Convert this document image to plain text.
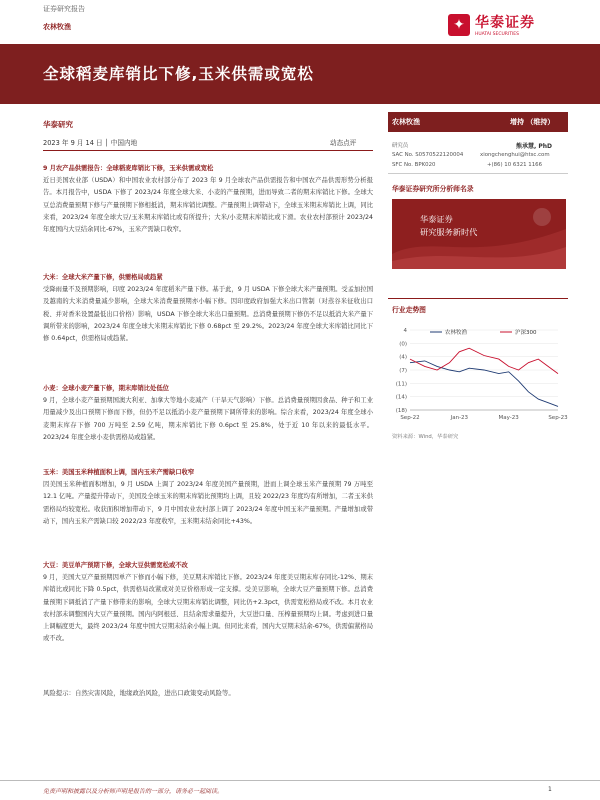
证券研究报告
农林牧渔	✦ 华泰证券
HUATAI SECURITIES
全球稻麦库销比下修,玉米供需或宽松
华泰研究
2023 年 9 月 14 日 │ 中国内地	动态点评
9 月农产品供需报告：全球稻麦库销比下修，玉米供需或宽松
近日美国农业部（USDA）和中国农业农村部分布了 2023 年 9 月全球农产品供需报告和中国农产品供需形势分析报告。本月报告中，USDA 下修了 2023/24 年度全球大米、小麦的产量预期，进而导致二者的期末库销比下修。全球大豆总消费量预期下修与产量预期下修相抵消，期末库销比调整。产量预期上调带动下，全球玉米期末库销比上调，同比来看，2023/24 年度全球大豆/玉米期末库销比或有所提升；大米/小麦期末库销比或下滑。农业农村部预计 2023/24 年度国内大豆结余同比-67%，玉米产需缺口收窄。
大米：全球大米产量下修，供需格局或趋紧
受降雨量不及预期影响，印度 2023/24 年度稻米产量下修。基于此，9 月 USDA 下修全球大米产量预期。受孟加拉国及越南的大米消费量减少影响，全球大米消费量预期亦小幅下修。因印度政府加强大米出口管制（对蒸谷米征收出口税、并对香米设置最低出口价格）影响，USDA 下修全球大米出口量预期。总消费量预期下修仍不足以抵消大米产量下调所带来的影响，2023/24 年度全球大米期末库销比下修 0.68pct 至 29.2%。2023/24 年度全球大米库销比同比下修 0.64pct，供需格局或趋紧。
小麦：全球小麦产量下修，期末库销比处低位
9 月，全球小麦产量预期国澳大利亚、加拿大等地小麦减产（干旱天气影响）下修。总消费量预期因食品、种子和工业用量减少及出口预期下修而下修，但仍不足以抵消小麦产量预期下调所带来的影响。综合来看，2023/24 年度全球小麦期末库存下修 700 万吨至 2.59 亿吨，期末库销比下修 0.6pct 至 25.8%，处于近 10 年以来的最低水平。2023/24 年度全球小麦供需格局或趋紧。
玉米：美国玉米种植面积上调，国内玉米产需缺口收窄
因美国玉米种植面积增加，9 月 USDA 上调了 2023/24 年度美国产量预期，进而上调全球玉米产量预期 79 万吨至 12.1 亿吨。产量提升带动下，美国及全球玉米的期末库销比预期均上调，且较 2022/23 年度均有所增加，二者玉米供需格局均较宽松。收获面积增加带动下，9 月中国农业农村部上调了 2023/24 年度中国玉米产量预期。产量增加或带动下，国内玉米产需缺口较 2022/23 年度收窄，玉米期末结余同比+43%。
大豆：美豆单产预期下修，全球大豆供需宽松或不改
9 月，美国大豆产量预期因单产下修而小幅下修，美豆期末库销比下修。2023/24 年度美豆期末库存同比-12%、期末库销比或同比下降 0.5pct，供需格局改紧或对美豆价格形成一定支撑。受美豆影响，全球大豆产量预期下修。总消费量预期下调抵消了产量下修带来的影响，全球大豆期末库销比调整，同比仍+2.3pct，供需宽松格局或不改。本月农业农村部未调整国内大豆产量预期。国内内阿根廷、且结余需求量提升，大豆进口量、压榨量预期均上调。考虑到进口量上调幅度更大，最终 2023/24 年度中国大豆期末结余小幅上调。但同比来看，国内大豆期末结余-67%，供需偏紧格局或不改。
风险提示：自然灾害风险，地缘政治风险，进出口政策变动风险等。
农林牧渔	增持 （维持）
研究员	熊承慧, PhD
SAC No. S0570522120004	xiongchenghui@htsc.com
SFC No. BPK020	+(86) 10 6321 1166
华泰证券研究所分析师名录
华泰证券
研究服务新时代
行业走势图
4
(0)
(4)
(7)
(11)
(14)
(18)
Sep-22	Jan-23	May-23	Sep-23
农林牧渔	沪深300
资料来源：Wind，华泰研究
免责声明和披露以及分析师声明是报告的一部分，请务必一起阅读。	1
